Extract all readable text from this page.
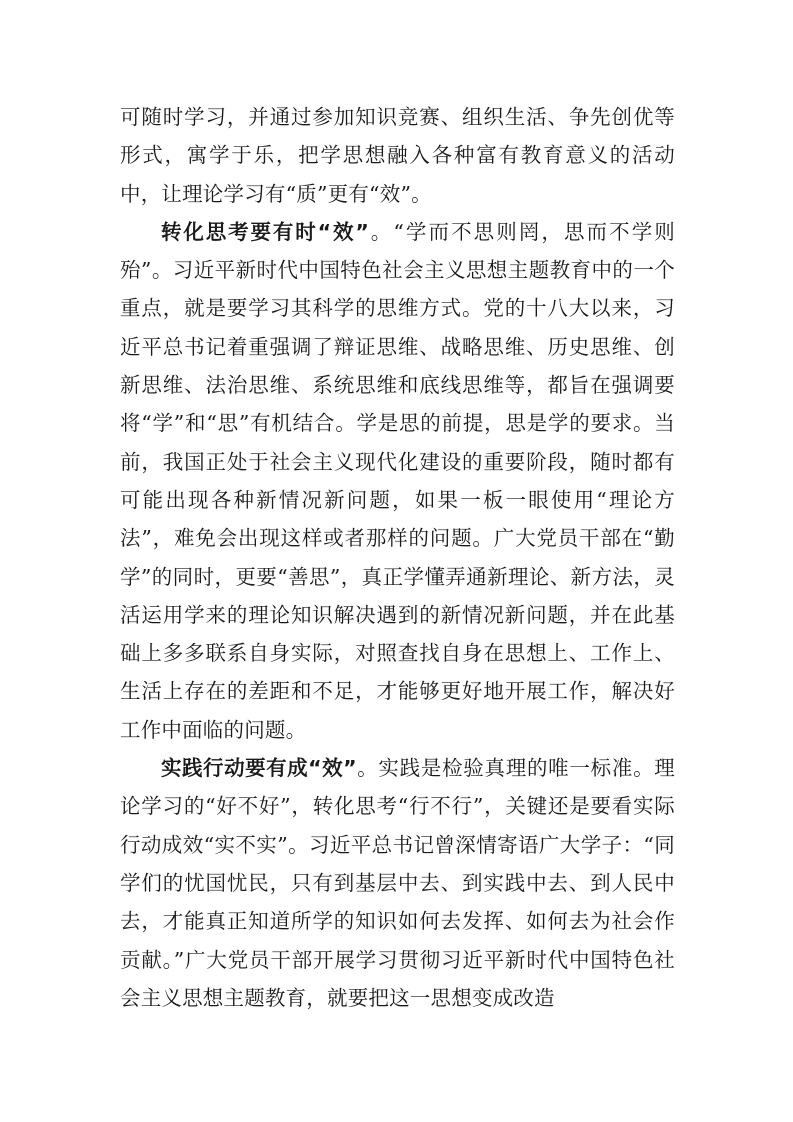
可随时学习，并通过参加知识竞赛、组织生活、争先创优等形式，寓学于乐，把学思想融入各种富有教育意义的活动中，让理论学习有“质”更有“效”。

转化思考要有时“效”。“学而不思则罔，思而不学则殆”。习近平新时代中国特色社会主义思想主题教育中的一个重点，就是要学习其科学的思维方式。党的十八大以来，习近平总书记着重强调了辩证思维、战略思维、历史思维、创新思维、法治思维、系统思维和底线思维等，都旨在强调要将“学”和“思”有机结合。学是思的前提，思是学的要求。当前，我国正处于社会主义现代化建设的重要阶段，随时都有可能出现各种新情况新问题，如果一板一眼使用“理论方法”，难免会出现这样或者那样的问题。广大党员干部在“勤学”的同时，更要“善思”，真正学懂弄通新理论、新方法，灵活运用学来的理论知识解决遇到的新情况新问题，并在此基础上多多联系自身实际，对照查找自身在思想上、工作上、生活上存在的差距和不足，才能够更好地开展工作，解决好工作中面临的问题。

实践行动要有成“效”。实践是检验真理的唯一标准。理论学习的“好不好”，转化思考“行不行”，关键还是要看实际行动成效“实不实”。习近平总书记曾深情寄语广大学子：“同学们的忧国忧民，只有到基层中去、到实践中去、到人民中去，才能真正知道所学的知识如何去发挥、如何去为社会作贡献。”广大党员干部开展学习贯彻习近平新时代中国特色社会主义思想主题教育，就要把这一思想变成改造
